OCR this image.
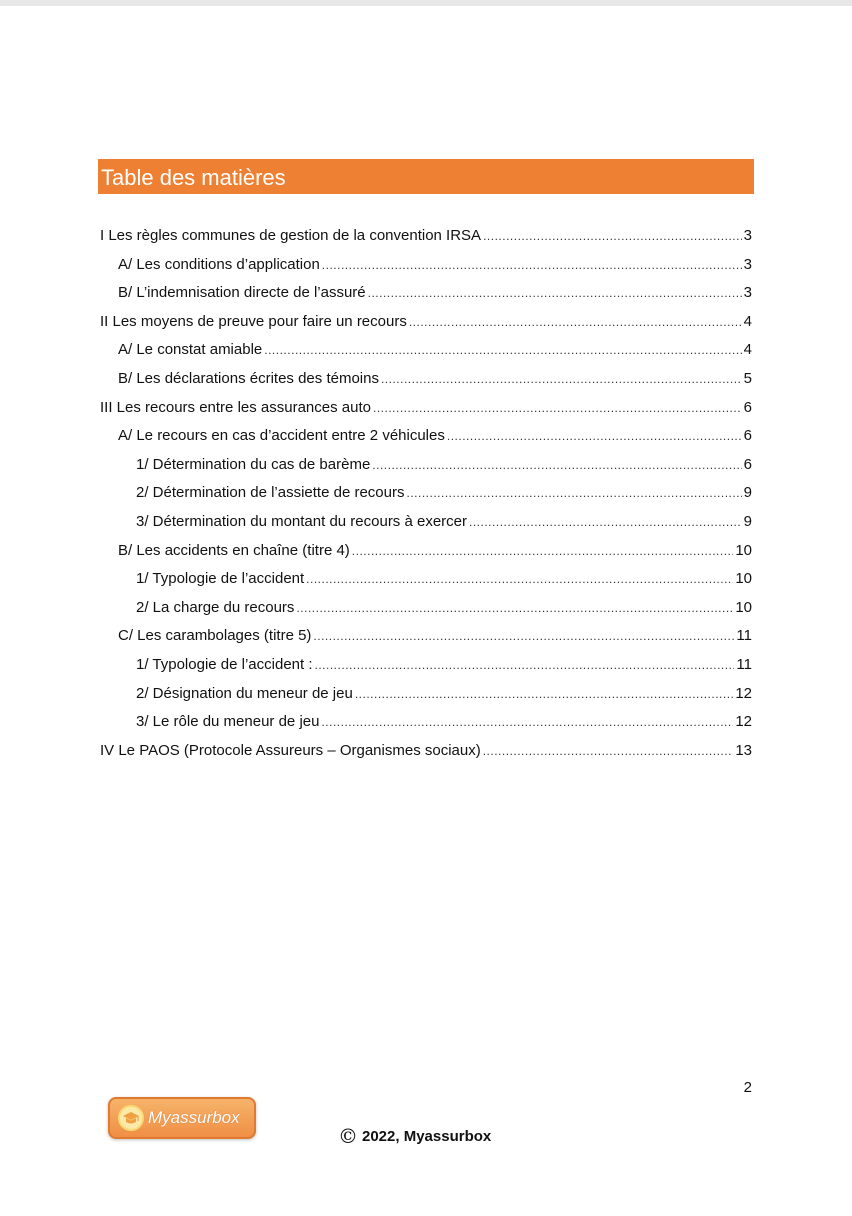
Table des matières
I Les règles communes de gestion de la convention IRSA .....	3
A/ Les conditions d’application .....	3
B/ L’indemnisation directe de l’assuré .....	3
II Les moyens de preuve pour faire un recours .....	4
A/ Le constat amiable .....	4
B/ Les déclarations écrites des témoins .....	5
III Les recours entre les assurances auto .....	6
A/ Le recours en cas d’accident entre 2 véhicules .....	6
1/ Détermination du cas de barème .....	6
2/ Détermination de l’assiette de recours .....	9
3/ Détermination du montant du recours à exercer .....	9
B/ Les accidents en chaîne (titre 4) .....	10
1/ Typologie de l’accident .....	10
2/ La charge du recours .....	10
C/ Les carambolages (titre 5) .....	11
1/ Typologie de l’accident : .....	11
2/ Désignation du meneur de jeu .....	12
3/ Le rôle du meneur de jeu .....	12
IV Le PAOS (Protocole Assureurs – Organismes sociaux) .....	13
2
Myassurbox
© 2022, Myassurbox
